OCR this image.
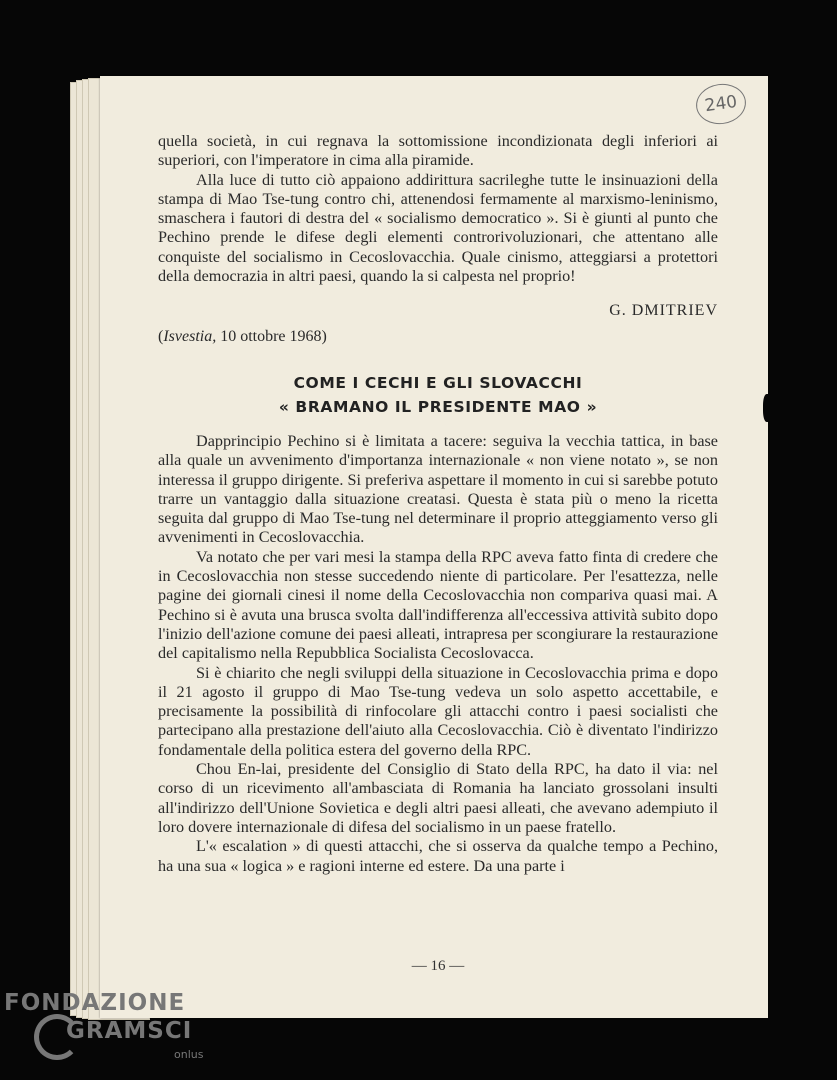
240

quella società, in cui regnava la sottomissione incondizionata degli inferiori ai superiori, con l'imperatore in cima alla piramide.

Alla luce di tutto ciò appaiono addirittura sacrileghe tutte le insinuazioni della stampa di Mao Tse-tung contro chi, attenendosi fermamente al marxismo-leninismo, smaschera i fautori di destra del « socialismo democratico ». Si è giunti al punto che Pechino prende le difese degli elementi controrivoluzionari, che attentano alle conquiste del socialismo in Cecoslovacchia. Quale cinismo, atteggiarsi a protettori della democrazia in altri paesi, quando la si calpesta nel proprio!

G. DMITRIEV
(Isvestia, 10 ottobre 1968)
COME I CECHI E GLI SLOVACCHI
« BRAMANO IL PRESIDENTE MAO »

Dapprincipio Pechino si è limitata a tacere: seguiva la vecchia tattica, in base alla quale un avvenimento d'importanza internazionale « non viene notato », se non interessa il gruppo dirigente. Si preferiva aspettare il momento in cui si sarebbe potuto trarre un vantaggio dalla situazione creatasi. Questa è stata più o meno la ricetta seguita dal gruppo di Mao Tse-tung nel determinare il proprio atteggiamento verso gli avvenimenti in Cecoslovacchia.

Va notato che per vari mesi la stampa della RPC aveva fatto finta di credere che in Cecoslovacchia non stesse succedendo niente di particolare. Per l'esattezza, nelle pagine dei giornali cinesi il nome della Cecoslovacchia non compariva quasi mai. A Pechino si è avuta una brusca svolta dall'indifferenza all'eccessiva attività subito dopo l'inizio dell'azione comune dei paesi alleati, intrapresa per scongiurare la restaurazione del capitalismo nella Repubblica Socialista Cecoslovacca.

Si è chiarito che negli sviluppi della situazione in Cecoslovacchia prima e dopo il 21 agosto il gruppo di Mao Tse-tung vedeva un solo aspetto accettabile, e precisamente la possibilità di rinfocolare gli attacchi contro i paesi socialisti che partecipano alla prestazione dell'aiuto alla Cecoslovacchia. Ciò è diventato l'indirizzo fondamentale della politica estera del governo della RPC.

Chou En-lai, presidente del Consiglio di Stato della RPC, ha dato il via: nel corso di un ricevimento all'ambasciata di Romania ha lanciato grossolani insulti all'indirizzo dell'Unione Sovietica e degli altri paesi alleati, che avevano adempiuto il loro dovere internazionale di difesa del socialismo in un paese fratello.

L'« escalation » di questi attacchi, che si osserva da qualche tempo a Pechino, ha una sua « logica » e ragioni interne ed estere. Da una parte i

— 16 —
FONDAZIONE
GRAMSCI
onlus
